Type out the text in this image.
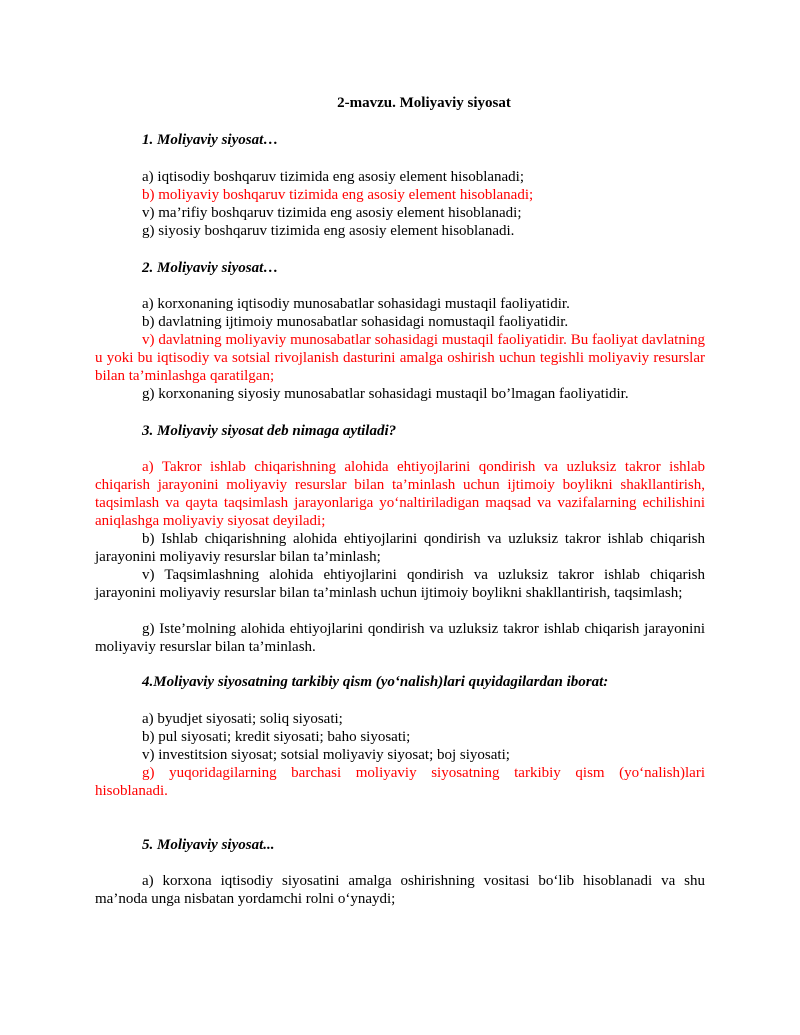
2-mavzu. Moliyaviy siyosat
1. Moliyaviy siyosat…
a) iqtisodiy boshqaruv tizimida eng asosiy element hisoblanadi;
b) moliyaviy boshqaruv tizimida eng asosiy element hisoblanadi;
v) ma’rifiy boshqaruv tizimida eng asosiy element hisoblanadi;
g) siyosiy boshqaruv tizimida eng asosiy element hisoblanadi.
2. Moliyaviy siyosat…
a) korxonaning iqtisodiy munosabatlar sohasidagi mustaqil faoliyatidir.
b) davlatning ijtimoiy munosabatlar sohasidagi nomustaqil faoliyatidir.
v) davlatning moliyaviy munosabatlar sohasidagi mustaqil faoliyatidir. Bu faoliyat davlatning u yoki bu iqtisodiy va sotsial rivojlanish dasturini amalga oshirish uchun tegishli moliyaviy resurslar bilan ta’minlashga qaratilgan;
g) korxonaning siyosiy munosabatlar sohasidagi mustaqil bo’lmagan faoliyatidir.
3. Moliyaviy siyosat deb nimaga aytiladi?
a) Takror ishlab chiqarishning alohida ehtiyojlarini qondirish va uzluksiz takror ishlab chiqarish jarayonini moliyaviy resurslar bilan ta’minlash uchun ijtimoiy boylikni shakllantirish, taqsimlash va qayta taqsimlash jarayonlariga yo‘naltiriladigan maqsad va vazifalarning echilishini aniqlashga moliyaviy siyosat deyiladi;
b) Ishlab chiqarishning alohida ehtiyojlarini qondirish va uzluksiz takror ishlab chiqarish jarayonini moliyaviy resurslar bilan ta’minlash;
v) Taqsimlashning alohida ehtiyojlarini qondirish va uzluksiz takror ishlab chiqarish jarayonini moliyaviy resurslar bilan ta’minlash uchun ijtimoiy boylikni shakllantirish, taqsimlash;
g) Iste’molning alohida ehtiyojlarini qondirish va uzluksiz takror ishlab chiqarish jarayonini moliyaviy resurslar bilan ta’minlash.
4.Moliyaviy siyosatning tarkibiy qism (yo‘nalish)lari quyidagilardan iborat:
a) byudjet siyosati; soliq siyosati;
b) pul siyosati; kredit siyosati; baho siyosati;
v) investitsion siyosat; sotsial moliyaviy siyosat; boj siyosati;
g) yuqoridagilarning barchasi moliyaviy siyosatning tarkibiy qism (yo‘nalish)lari hisoblanadi.
5. Moliyaviy siyosat...
a) korxona iqtisodiy siyosatini amalga oshirishning vositasi bo‘lib hisoblanadi va shu ma’noda unga nisbatan yordamchi rolni o‘ynaydi;
